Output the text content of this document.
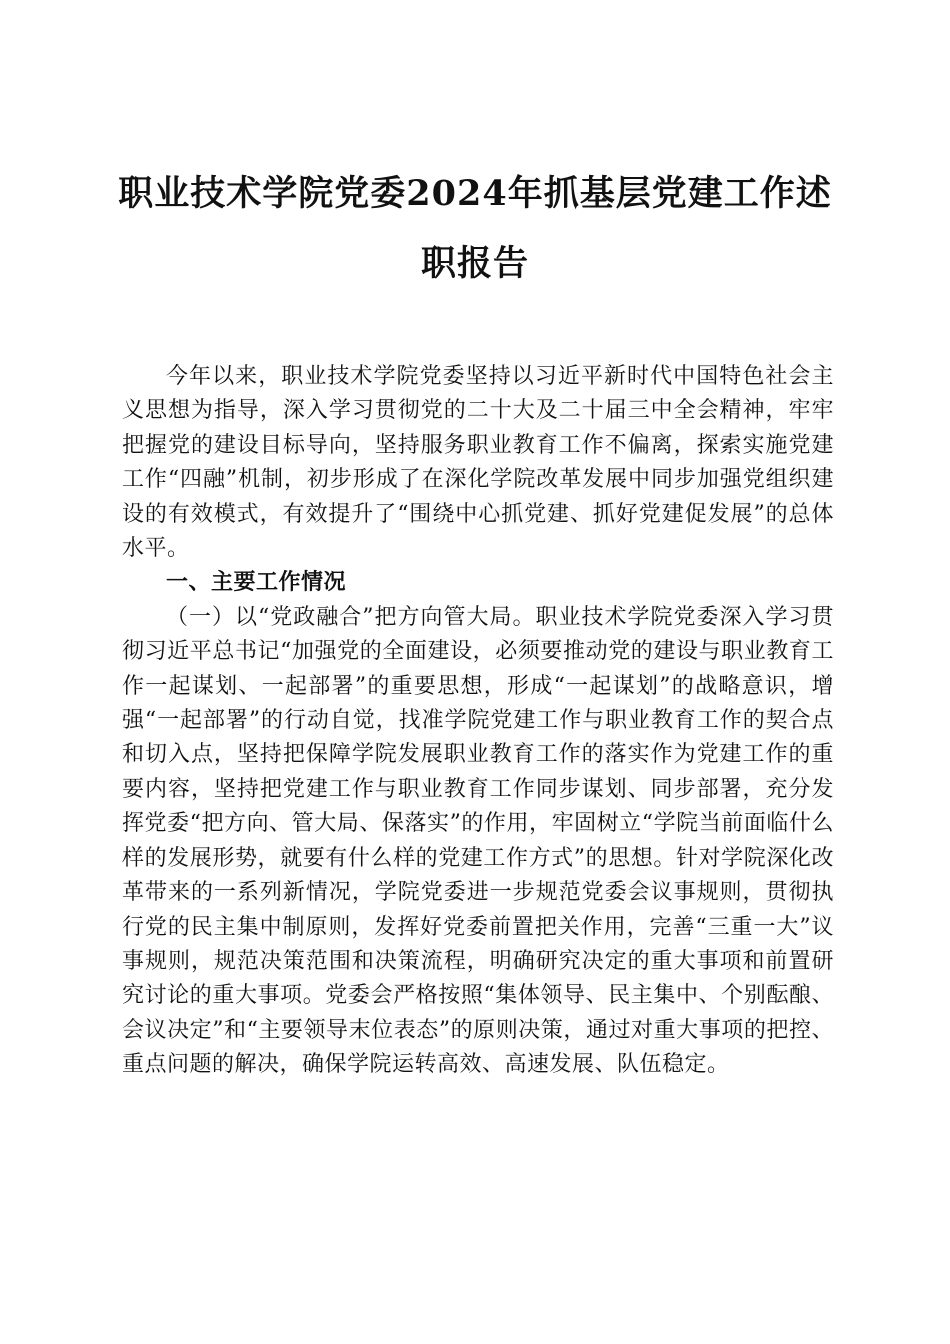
职业技术学院党委2024年抓基层党建工作述
职报告

今年以来，职业技术学院党委坚持以习近平新时代中国特色社会主义思想为指导，深入学习贯彻党的二十大及二十届三中全会精神，牢牢把握党的建设目标导向，坚持服务职业教育工作不偏离，探索实施党建工作“四融”机制，初步形成了在深化学院改革发展中同步加强党组织建设的有效模式，有效提升了“围绕中心抓党建、抓好党建促发展”的总体水平。

一、主要工作情况

（一）以“党政融合”把方向管大局。职业技术学院党委深入学习贯彻习近平总书记“加强党的全面建设，必须要推动党的建设与职业教育工作一起谋划、一起部署”的重要思想，形成“一起谋划”的战略意识，增强“一起部署”的行动自觉，找准学院党建工作与职业教育工作的契合点和切入点，坚持把保障学院发展职业教育工作的落实作为党建工作的重要内容，坚持把党建工作与职业教育工作同步谋划、同步部署，充分发挥党委“把方向、管大局、保落实”的作用，牢固树立“学院当前面临什么样的发展形势，就要有什么样的党建工作方式”的思想。针对学院深化改革带来的一系列新情况，学院党委进一步规范党委会议事规则，贯彻执行党的民主集中制原则，发挥好党委前置把关作用，完善“三重一大”议事规则，规范决策范围和决策流程，明确研究决定的重大事项和前置研究讨论的重大事项。党委会严格按照“集体领导、民主集中、个别酝酿、会议决定”和“主要领导末位表态”的原则决策，通过对重大事项的把控、重点问题的解决，确保学院运转高效、高速发展、队伍稳定。
